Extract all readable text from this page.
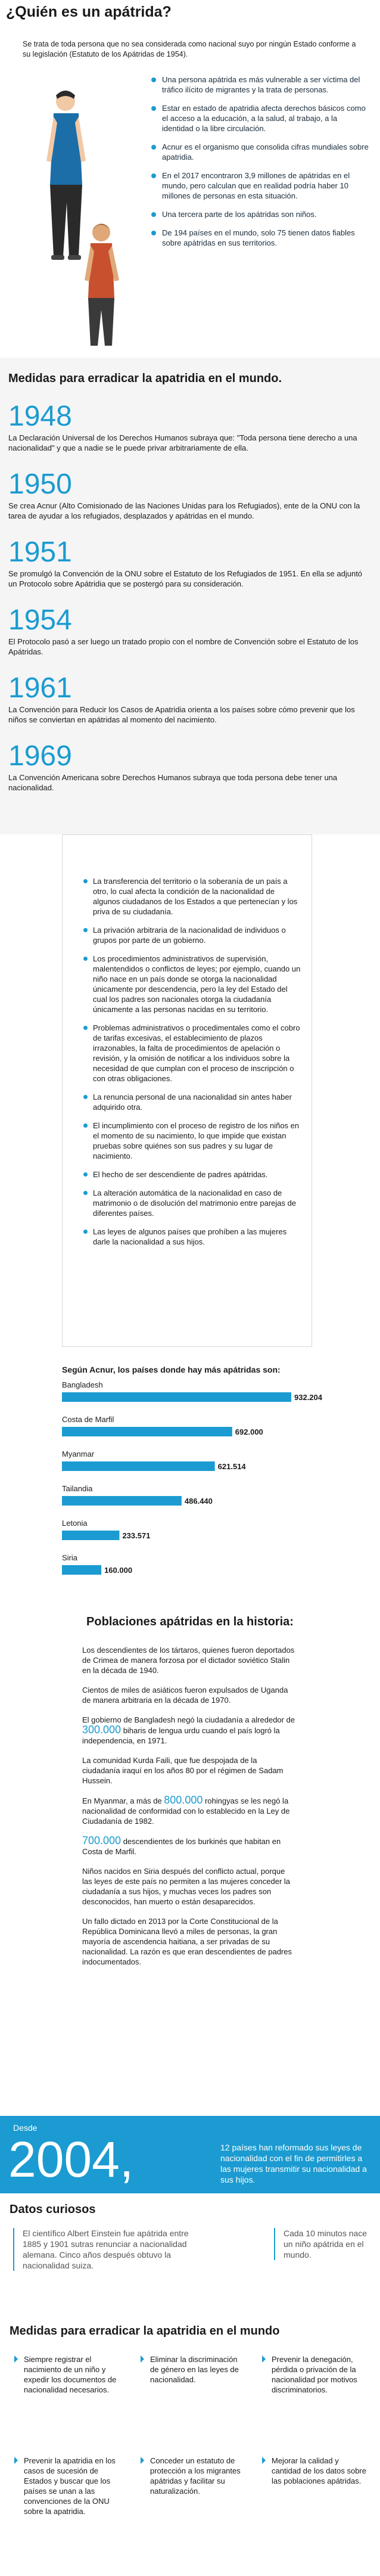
¿Quién es un apátrida?

Se trata de toda persona que no sea considerada como nacional suyo por ningún Estado conforme a su legislación (Estatuto de los Apátridas de 1954).

Una persona apátrida es más vulnerable a ser víctima del tráfico ilícito de migrantes y la trata de personas.
Estar en estado de apatridia afecta derechos básicos como el acceso a la educación, a la salud, al trabajo, a la identidad o la libre circulación.
Acnur es el organismo que consolida cifras mundiales sobre apatridia.
En el 2017 encontraron 3,9 millones de apátridas en el mundo, pero calculan que en realidad podría haber 10 millones de personas en esta situación.
Una tercera parte de los apátridas son niños.
De 194 países en el mundo, solo 75 tienen datos fiables sobre apátridas en sus territorios.
Medidas para erradicar la apatridia en el mundo.
1948
La Declaración Universal de los Derechos Humanos subraya que: "Toda persona tiene derecho a una nacionalidad" y que a nadie se le puede privar arbitrariamente de ella.
1950
Se crea Acnur (Alto Comisionado de las Naciones Unidas para los Refugiados), ente de la ONU con la tarea de ayudar a los refugiados, desplazados y apátridas en el mundo.
1951
Se promulgó la Convención de la ONU sobre el Estatuto de los Refugiados de 1951. En ella se adjuntó un Protocolo sobre Apátridia que se postergó para su consideración.
1954
El Protocolo pasó a ser luego un tratado propio con el nombre de Convención sobre el Estatuto de los Apátridas.
1961
La Convención para Reducir los Casos de Apatridia orienta a los países sobre cómo prevenir que los niños se conviertan en apátridas al momento del nacimiento.
1969
La Convención Americana sobre Derechos Humanos subraya que toda persona debe tener una nacionalidad.
La transferencia del territorio o la soberanía de un país a otro, lo cual afecta la condición de la nacionalidad de algunos ciudadanos de los Estados a que pertenecían y los priva de su ciudadanía.
La privación arbitraria de la nacionalidad de individuos o grupos por parte de un gobierno.
Los procedimientos administrativos de supervisión, malentendidos o conflictos de leyes; por ejemplo, cuando un niño nace en un país donde se otorga la nacionalidad únicamente por descendencia, pero la ley del Estado del cual los padres son nacionales otorga la ciudadanía únicamente a las personas nacidas en su territorio.
Problemas administrativos o procedimentales como el cobro de tarifas excesivas, el establecimiento de plazos irrazonables, la falta de procedimientos de apelación o revisión, y la omisión de notificar a los individuos sobre la necesidad de que cumplan con el proceso de inscripción o con otras obligaciones.
La renuncia personal de una nacionalidad sin antes haber adquirido otra.
El incumplimiento con el proceso de registro de los niños en el momento de su nacimiento, lo que impide que existan pruebas sobre quiénes son sus padres y su lugar de nacimiento.
El hecho de ser descendiente de padres apátridas.
La alteración automática de la nacionalidad en caso de matrimonio o de disolución del matrimonio entre parejas de diferentes países.
Las leyes de algunos países que prohíben a las mujeres darle la nacionalidad a sus hijos.
Según Acnur, los países donde hay más apátridas son:
Bangladesh
932.204
Costa de Marfil
692.000
Myanmar
621.514
Tailandia
486.440
Letonia
233.571
Siria
160.000
Poblaciones apátridas en la historia:

Los descendientes de los tártaros, quienes fueron deportados de Crimea de manera forzosa por el dictador soviético Stalin en la década de 1940.

Cientos de miles de asiáticos fueron expulsados de Uganda de manera arbitraria en la década de 1970.

El gobierno de Bangladesh negó la ciudadanía a alrededor de 300.000 biharis de lengua urdu cuando el país logró la independencia, en 1971.

La comunidad Kurda Faili, que fue despojada de la ciudadanía iraquí en los años 80 por el régimen de Sadam Hussein.

En Myanmar, a más de 800.000 rohingyas se les negó la nacionalidad de conformidad con lo establecido en la Ley de Ciudadanía de 1982.

700.000 descendientes de los burkinés que habitan en Costa de Marfil.

Niños nacidos en Siria después del conflicto actual, porque las leyes de este país no permiten a las mujeres conceder la ciudadanía a sus hijos, y muchas veces los padres son desconocidos, han muerto o están desaparecidos.

Un fallo dictado en 2013 por la Corte Constitucional de la República Dominicana llevó a miles de personas, la gran mayoría de ascendencia haitiana, a ser privadas de su nacionalidad. La razón es que eran descendientes de padres indocumentados.

Desde
2004,	12 países han reformado sus leyes de nacionalidad con el fin de permitirles a las mujeres transmitir su nacionalidad a sus hijos.
Datos curiosos
El científico Albert Einstein fue apátrida entre 1885 y 1901 sutras renunciar a nacionalidad alemana. Cinco años después obtuvo la nacionalidad suiza.
Cada 10 minutos nace un niño apátrida en el mundo.
Medidas para erradicar la apatridia en el mundo
Siempre registrar el nacimiento de un niño y expedir los documentos de nacionalidad necesarios.
Eliminar la discriminación de género en las leyes de nacionalidad.
Prevenir la denegación, pérdida o privación de la nacionalidad por motivos discriminatorios.
Prevenir la apatridia en los casos de sucesión de Estados y buscar que los países se unan a las convenciones de la ONU sobre la apatridia.
Conceder un estatuto de protección a los migrantes apátridas y facilitar su naturalización.
Mejorar la calidad y cantidad de los datos sobre las poblaciones apátridas.
